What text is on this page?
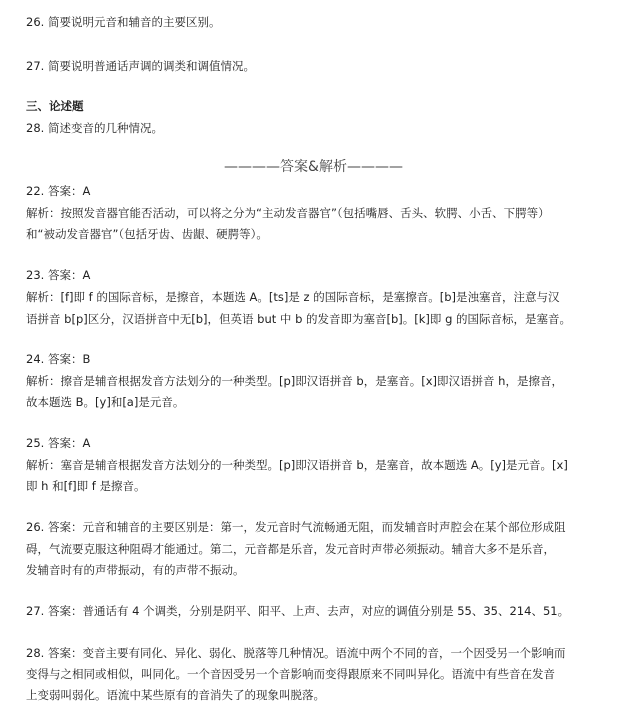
26. 简要说明元音和辅音的主要区别。
27. 简要说明普通话声调的调类和调值情况。
三、论述题
28. 简述变音的几种情况。
————答案&解析————
22. 答案：A
解析：按照发音器官能否活动，可以将之分为“主动发音器官”（包括嘴唇、舌头、软腭、小舌、下腭等）
和“被动发音器官”（包括牙齿、齿龈、硬腭等）。
23. 答案：A
解析：[f]即 f 的国际音标，是擦音，本题选 A。[ts]是 z 的国际音标，是塞擦音。[b]是浊塞音，注意与汉
语拼音 b[p]区分，汉语拼音中无[b]，但英语 but 中 b 的发音即为塞音[b]。[k]即 g 的国际音标，是塞音。
24. 答案：B
解析：擦音是辅音根据发音方法划分的一种类型。[p]即汉语拼音 b，是塞音。[x]即汉语拼音 h，是擦音，
故本题选 B。[y]和[a]是元音。
25. 答案：A
解析：塞音是辅音根据发音方法划分的一种类型。[p]即汉语拼音 b，是塞音，故本题选 A。[y]是元音。[x]
即 h 和[f]即 f 是擦音。
26. 答案：元音和辅音的主要区别是：第一，发元音时气流畅通无阻，而发辅音时声腔会在某个部位形成阻
碍，气流要克服这种阻碍才能通过。第二，元音都是乐音，发元音时声带必须振动。辅音大多不是乐音，
发辅音时有的声带振动，有的声带不振动。
27. 答案：普通话有 4 个调类，分别是阴平、阳平、上声、去声，对应的调值分别是 55、35、214、51。
28. 答案：变音主要有同化、异化、弱化、脱落等几种情况。语流中两个不同的音，一个因受另一个影响而
变得与之相同或相似，叫同化。一个音因受另一个音影响而变得跟原来不同叫异化。语流中有些音在发音
上变弱叫弱化。语流中某些原有的音消失了的现象叫脱落。
